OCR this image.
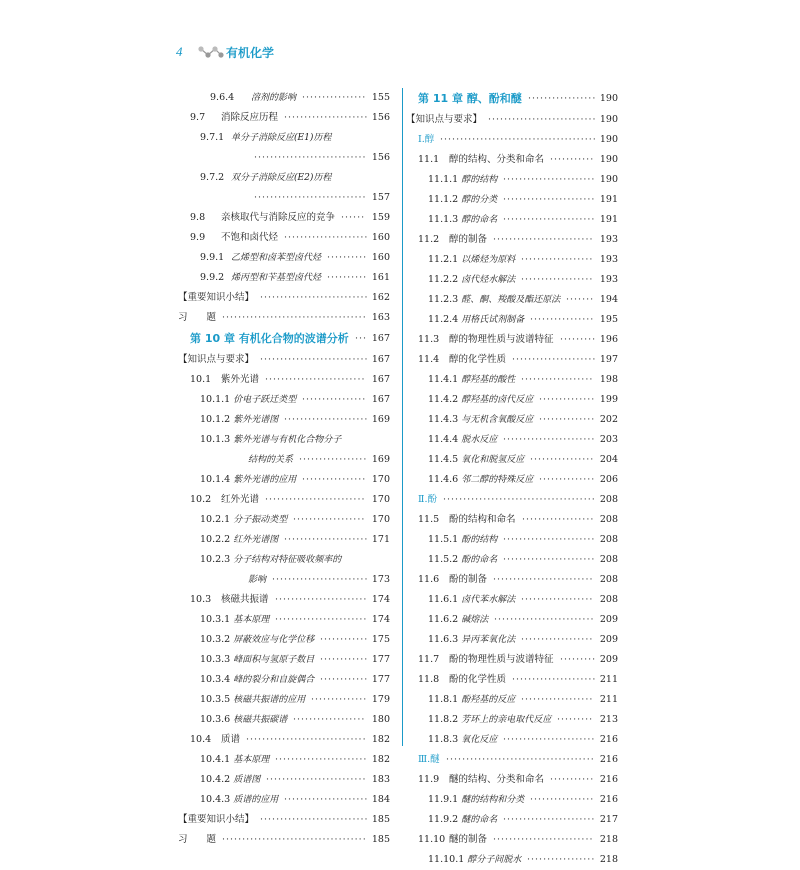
4	有机化学
9.6.4 溶剂的影响	155
················
9.7 消除反应历程	156
·····················
9.7.1 单分子消除反应(E1)历程
156
····························
9.7.2 双分子消除反应(E2)历程
157
····························
9.8 亲核取代与消除反应的竞争	159
······
9.9 不饱和卤代烃	160
·····················
9.9.1 乙烯型和卤苯型卤代烃	160
··········
9.9.2 烯丙型和苄基型卤代烃	161
··········
【重要知识小结】	162
···························
习　　题	163
····································
第 10 章 有机化合物的波谱分析	167
···
【知识点与要求】	167
···························
10.1 紫外光谱	167
·························
10.1.1 价电子跃迁类型	167
················
10.1.2 紫外光谱图	169
·····················
10.1.3 紫外光谱与有机化合物分子
结构的关系	169
·················
10.1.4 紫外光谱的应用	170
················
10.2 红外光谱	170
·························
10.2.1 分子振动类型	170
··················
10.2.2 红外光谱图	171
·····················
10.2.3 分子结构对特征吸收频率的
影响	173
························
10.3 核磁共振谱	174
·······················
10.3.1 基本原理	174
·······················
10.3.2 屏蔽效应与化学位移	175
············
10.3.3 峰面积与氢原子数目	177
············
10.3.4 峰的裂分和自旋偶合	177
············
10.3.5 核磁共振谱的应用	179
··············
10.3.6 核磁共振碳谱	180
··················
10.4 质谱	182
······························
10.4.1 基本原理	182
·······················
10.4.2 质谱图	183
·························
10.4.3 质谱的应用	184
·····················
【重要知识小结】	185
···························
习　　题	185
····································
第 11 章 醇、酚和醚	190
·················
【知识点与要求】	190
···························
Ⅰ.醇	190
·······································
11.1 醇的结构、分类和命名	190
···········
11.1.1 醇的结构	190
·······················
11.1.2 醇的分类	191
·······················
11.1.3 醇的命名	191
·······················
11.2 醇的制备	193
·························
11.2.1 以烯烃为原料	193
··················
11.2.2 卤代烃水解法	193
··················
11.2.3 醛、酮、羧酸及酯还原法	194
·······
11.2.4 用格氏试剂制备	195
················
11.3 醇的物理性质与波谱特征	196
·········
11.4 醇的化学性质	197
·····················
11.4.1 醇羟基的酸性	198
··················
11.4.2 醇羟基的卤代反应	199
··············
11.4.3 与无机含氧酸反应	202
··············
11.4.4 脱水反应	203
·······················
11.4.5 氧化和脱氢反应	204
················
11.4.6 邻二醇的特殊反应	206
··············
Ⅱ.酚	208
······································
11.5 酚的结构和命名	208
··················
11.5.1 酚的结构	208
·······················
11.5.2 酚的命名	208
·······················
11.6 酚的制备	208
·························
11.6.1 卤代苯水解法	208
··················
11.6.2 碱熔法	209
·························
11.6.3 异丙苯氧化法	209
··················
11.7 酚的物理性质与波谱特征	209
·········
11.8 酚的化学性质	211
·····················
11.8.1 酚羟基的反应	211
··················
11.8.2 芳环上的亲电取代反应	213
·········
11.8.3 氧化反应	216
·······················
Ⅲ.醚	216
·····································
11.9 醚的结构、分类和命名	216
···········
11.9.1 醚的结构和分类	216
················
11.9.2 醚的命名	217
·······················
11.10 醚的制备	218
·························
11.10.1 醇分子间脱水	218
·················
